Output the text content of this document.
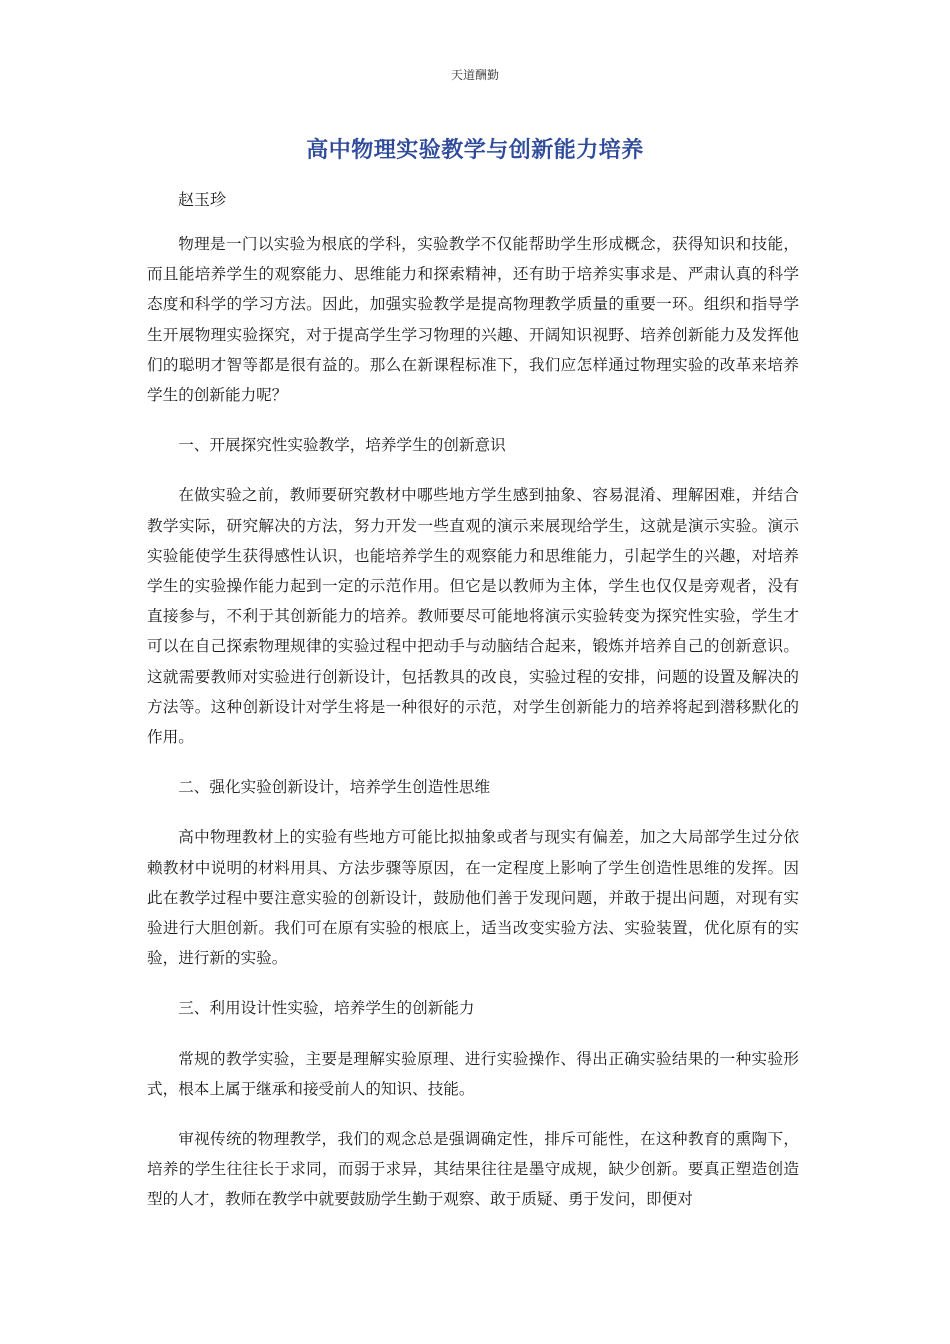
天道酬勤
高中物理实验教学与创新能力培养
赵玉珍

物理是一门以实验为根底的学科，实验教学不仅能帮助学生形成概念，获得知识和技能，而且能培养学生的观察能力、思维能力和探索精神，还有助于培养实事求是、严肃认真的科学态度和科学的学习方法。因此，加强实验教学是提高物理教学质量的重要一环。组织和指导学生开展物理实验探究，对于提高学生学习物理的兴趣、开阔知识视野、培养创新能力及发挥他们的聪明才智等都是很有益的。那么在新课程标准下，我们应怎样通过物理实验的改革来培养学生的创新能力呢？

一、开展探究性实验教学，培养学生的创新意识

在做实验之前，教师要研究教材中哪些地方学生感到抽象、容易混淆、理解困难，并结合教学实际，研究解决的方法，努力开发一些直观的演示来展现给学生，这就是演示实验。演示实验能使学生获得感性认识，也能培养学生的观察能力和思维能力，引起学生的兴趣，对培养学生的实验操作能力起到一定的示范作用。但它是以教师为主体，学生也仅仅是旁观者，没有直接参与，不利于其创新能力的培养。教师要尽可能地将演示实验转变为探究性实验，学生才可以在自己探索物理规律的实验过程中把动手与动脑结合起来，锻炼并培养自己的创新意识。这就需要教师对实验进行创新设计，包括教具的改良，实验过程的安排，问题的设置及解决的方法等。这种创新设计对学生将是一种很好的示范，对学生创新能力的培养将起到潜移默化的作用。

二、强化实验创新设计，培养学生创造性思维

高中物理教材上的实验有些地方可能比拟抽象或者与现实有偏差，加之大局部学生过分依赖教材中说明的材料用具、方法步骤等原因，在一定程度上影响了学生创造性思维的发挥。因此在教学过程中要注意实验的创新设计，鼓励他们善于发现问题，并敢于提出问题，对现有实验进行大胆创新。我们可在原有实验的根底上，适当改变实验方法、实验装置，优化原有的实验，进行新的实验。

三、利用设计性实验，培养学生的创新能力

常规的教学实验，主要是理解实验原理、进行实验操作、得出正确实验结果的一种实验形式，根本上属于继承和接受前人的知识、技能。

审视传统的物理教学，我们的观念总是强调确定性，排斥可能性，在这种教育的熏陶下，培养的学生往往长于求同，而弱于求异，其结果往往是墨守成规，缺少创新。要真正塑造创造型的人才，教师在教学中就要鼓励学生勤于观察、敢于质疑、勇于发问，即便对
